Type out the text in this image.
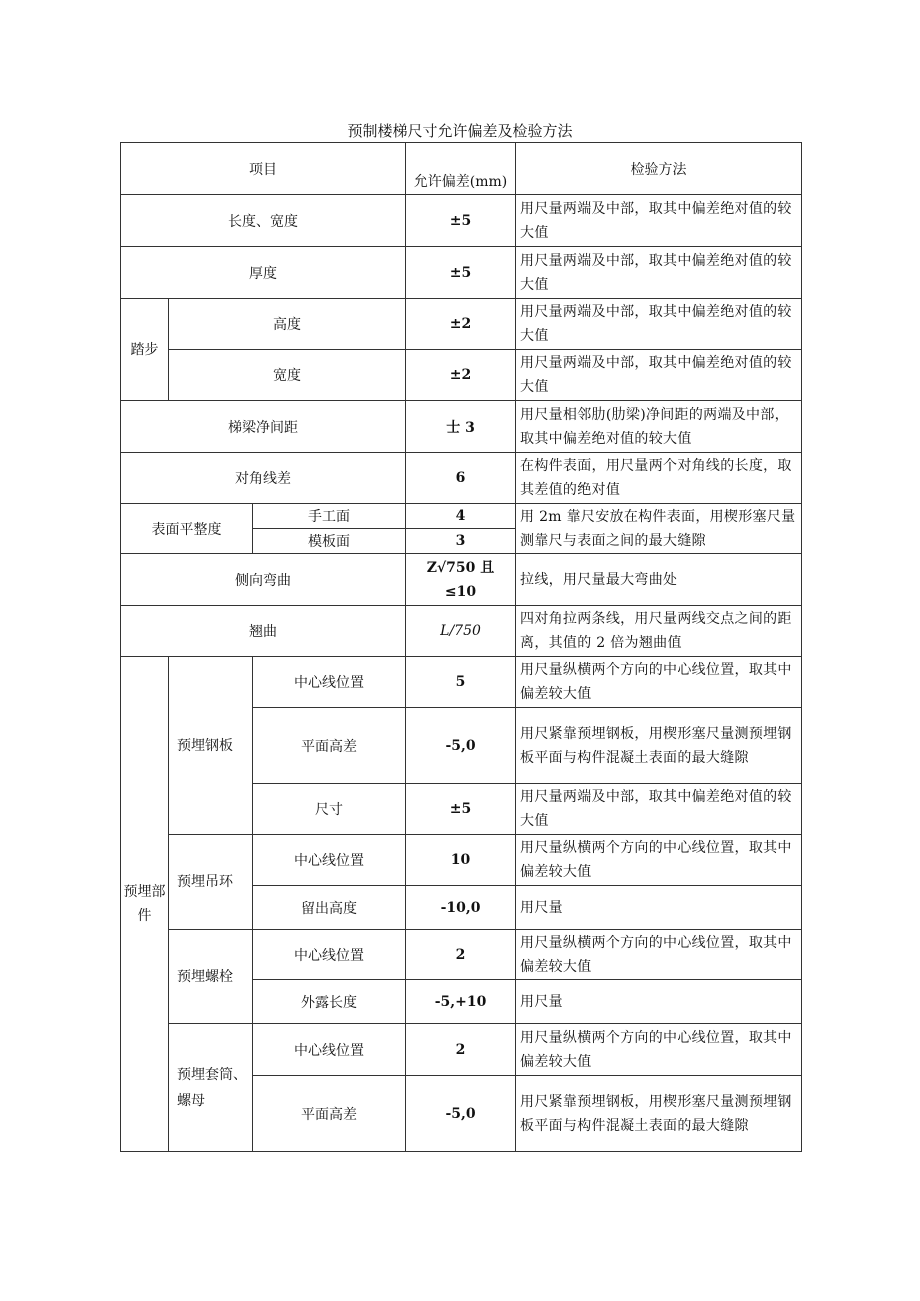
预制楼梯尺寸允许偏差及检验方法
项目			允许偏差(mm)	检验方法
长度、宽度			±5	用尺量两端及中部，取其中偏差绝对值的较大值
厚度			±5	用尺量两端及中部，取其中偏差绝对值的较大值
踏步	高度		±2	用尺量两端及中部，取其中偏差绝对值的较大值
	宽度		±2	用尺量两端及中部，取其中偏差绝对值的较大值
梯梁净间距			士 3	用尺量相邻肋(肋梁)净间距的两端及中部，取其中偏差绝对值的较大值
对角线差			6	在构件表面，用尺量两个对角线的长度，取其差值的绝对值
表面平整度		手工面	4	用 2m 靠尺安放在构件表面，用楔形塞尺量测靠尺与表面之间的最大缝隙
		模板面	3	
侧向弯曲			Z√750 且≤10	拉线，用尺量最大弯曲处
翘曲			L/750	四对角拉两条线，用尺量两线交点之间的距离，其值的 2 倍为翘曲值
预埋部件	预埋钢板	中心线位置	5	用尺量纵横两个方向的中心线位置，取其中偏差较大值
		平面高差	-5,0	用尺紧靠预埋钢板，用楔形塞尺量测预埋钢板平面与构件混凝土表面的最大缝隙
		尺寸	±5	用尺量两端及中部，取其中偏差绝对值的较大值
	预埋吊环	中心线位置	10	用尺量纵横两个方向的中心线位置，取其中偏差较大值
		留出高度	-10,0	用尺量
	预埋螺栓	中心线位置	2	用尺量纵横两个方向的中心线位置，取其中偏差较大值
		外露长度	-5,+10	用尺量
	预埋套筒、螺母	中心线位置	2	用尺量纵横两个方向的中心线位置，取其中偏差较大值
		平面高差	-5,0	用尺紧靠预埋钢板，用楔形塞尺量测预埋钢板平面与构件混凝土表面的最大缝隙
